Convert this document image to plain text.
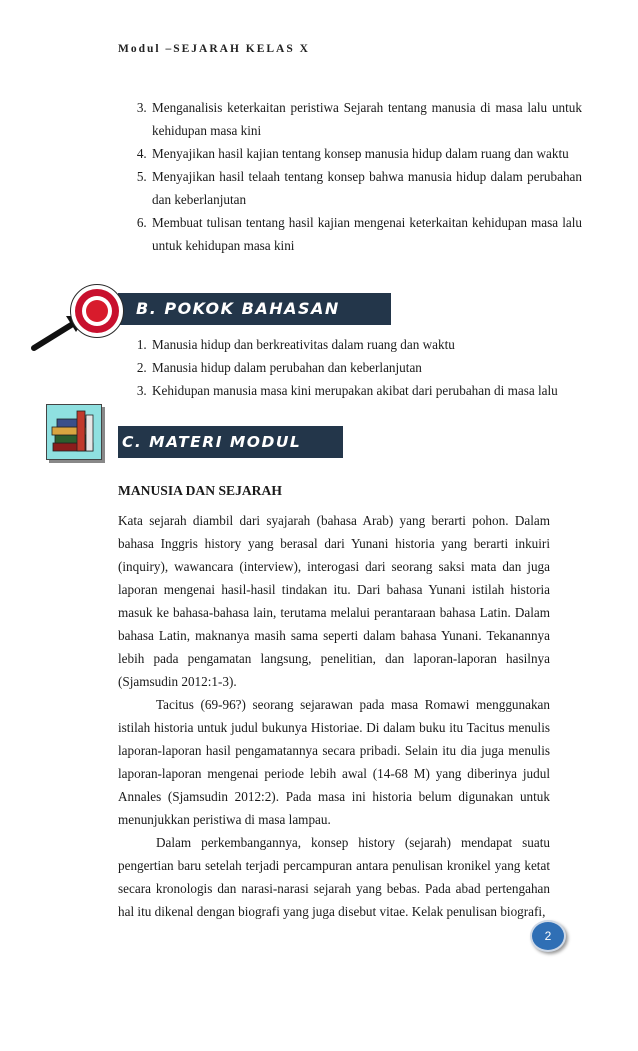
Modul –SEJARAH KELAS X
3. Menganalisis keterkaitan peristiwa Sejarah tentang manusia di masa lalu untuk kehidupan masa kini
4. Menyajikan hasil kajian tentang konsep manusia hidup dalam ruang dan waktu
5. Menyajikan hasil telaah tentang konsep bahwa manusia hidup dalam perubahan dan keberlanjutan
6. Membuat tulisan tentang hasil kajian mengenai keterkaitan kehidupan masa lalu untuk kehidupan masa kini
B. POKOK BAHASAN
1. Manusia hidup dan berkreativitas dalam ruang dan waktu
2. Manusia hidup dalam perubahan dan keberlanjutan
3. Kehidupan manusia masa kini merupakan akibat dari perubahan di masa lalu
C. MATERI MODUL
MANUSIA DAN SEJARAH

Kata sejarah diambil dari syajarah (bahasa Arab) yang berarti pohon. Dalam bahasa Inggris history yang berasal dari Yunani historia yang berarti inkuiri (inquiry), wawancara (interview), interogasi dari seorang saksi mata dan juga laporan mengenai hasil-hasil tindakan itu. Dari bahasa Yunani istilah historia masuk ke bahasa-bahasa lain, terutama melalui perantaraan bahasa Latin. Dalam bahasa Latin, maknanya masih sama seperti dalam bahasa Yunani. Tekanannya lebih pada pengamatan langsung, penelitian, dan laporan-laporan hasilnya (Sjamsudin 2012:1-3).

Tacitus (69-96?) seorang sejarawan pada masa Romawi menggunakan istilah historia untuk judul bukunya Historiae. Di dalam buku itu Tacitus menulis laporan-laporan hasil pengamatannya secara pribadi. Selain itu dia juga menulis laporan-laporan mengenai periode lebih awal (14-68 M) yang diberinya judul Annales (Sjamsudin 2012:2). Pada masa ini historia belum digunakan untuk menunjukkan peristiwa di masa lampau.

Dalam perkembangannya, konsep history (sejarah) mendapat suatu pengertian baru setelah terjadi percampuran antara penulisan kronikel yang ketat secara kronologis dan narasi-narasi sejarah yang bebas. Pada abad pertengahan hal itu dikenal dengan biografi yang juga disebut vitae. Kelak penulisan biografi,

2
